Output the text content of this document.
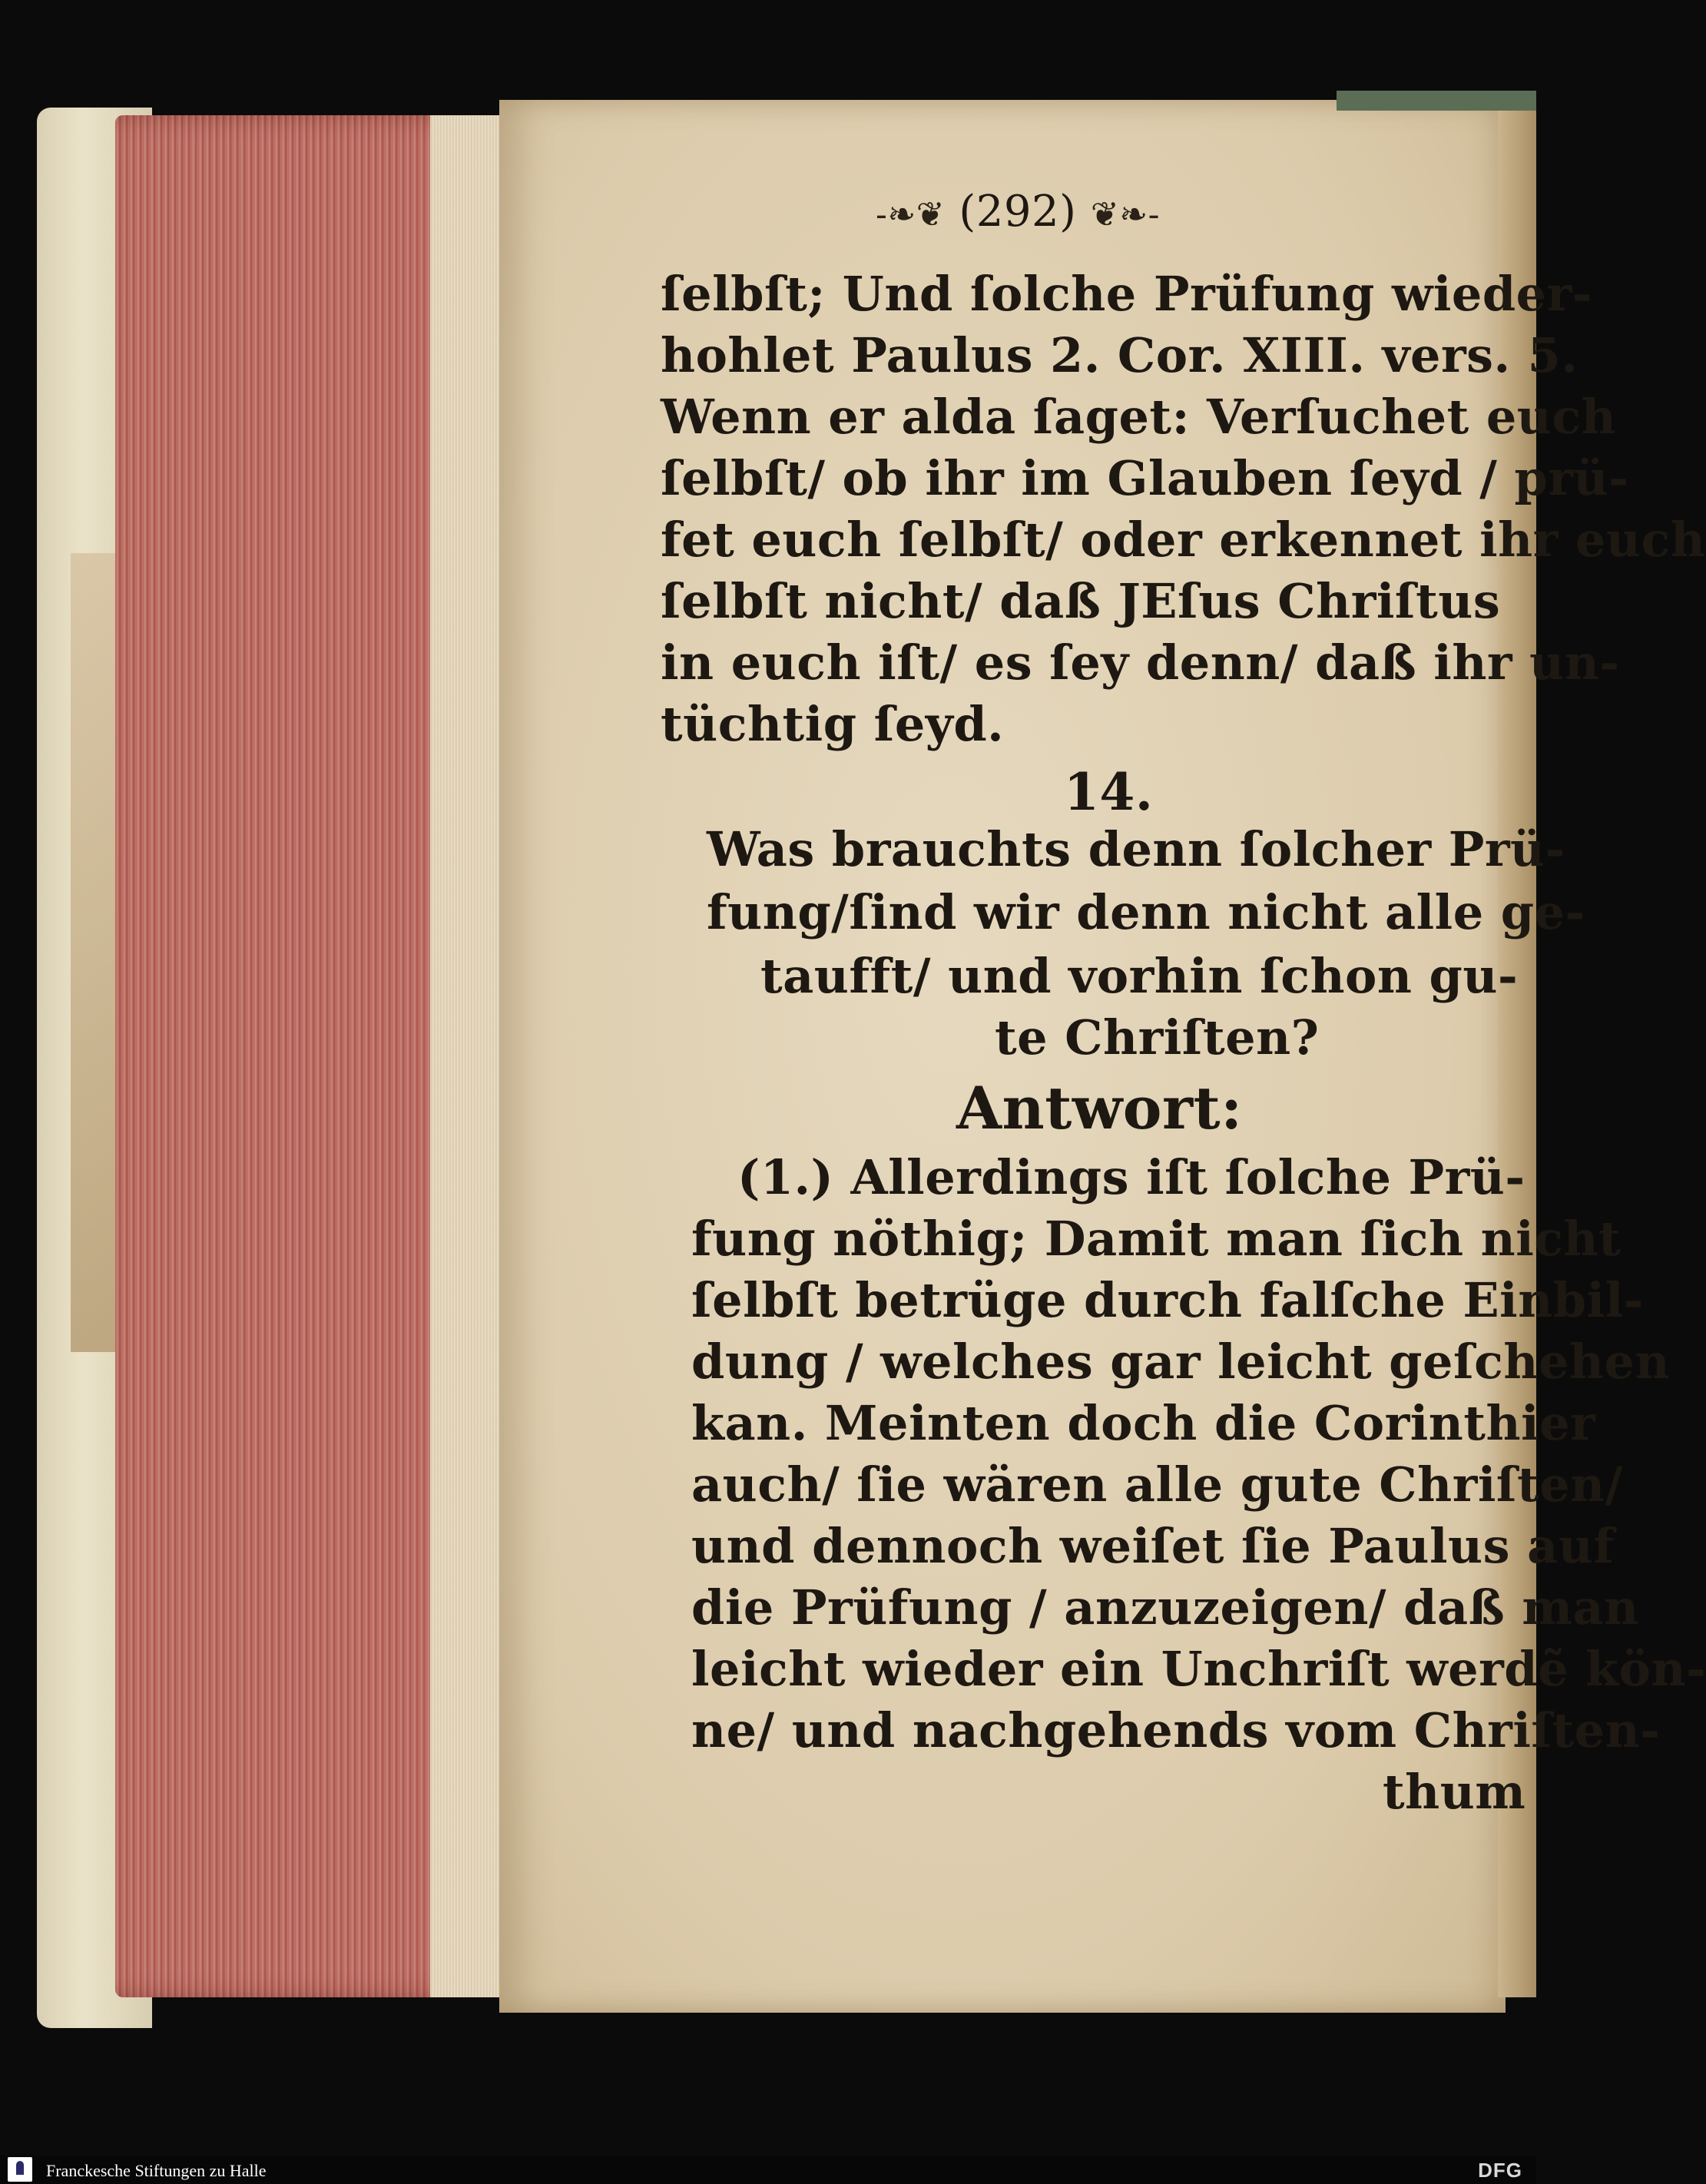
-❧❦ (292) ❦❧-
ſelbſt; Und ſolche Prüfung wieder-
hohlet Paulus 2. Cor. XIII. vers. 5.
Wenn er alda ſaget: Verſuchet euch
ſelbſt/ ob ihr im Glauben ſeyd / prü-
fet euch ſelbſt/ oder erkennet ihr euch
ſelbſt nicht/ daß JEſus Chriſtus
in euch iſt/ es ſey denn/ daß ihr un-
tüchtig ſeyd.
14.
Was brauchts denn ſolcher Prü-
fung/ſind wir denn nicht alle ge-
taufft/ und vorhin ſchon gu-
te Chriſten?
Antwort:
(1.) Allerdings iſt ſolche Prü-
fung nöthig; Damit man ſich nicht
ſelbſt betrüge durch falſche Einbil-
dung / welches gar leicht geſchehen
kan. Meinten doch die Corinthier
auch/ ſie wären alle gute Chriſten/
und dennoch weiſet ſie Paulus auf
die Prüfung / anzuzeigen/ daß man
leicht wieder ein Unchriſt werdẽ kön-
ne/ und nachgehends vom Chriſten-
thum
Franckesche Stiftungen zu Halle	DFG
